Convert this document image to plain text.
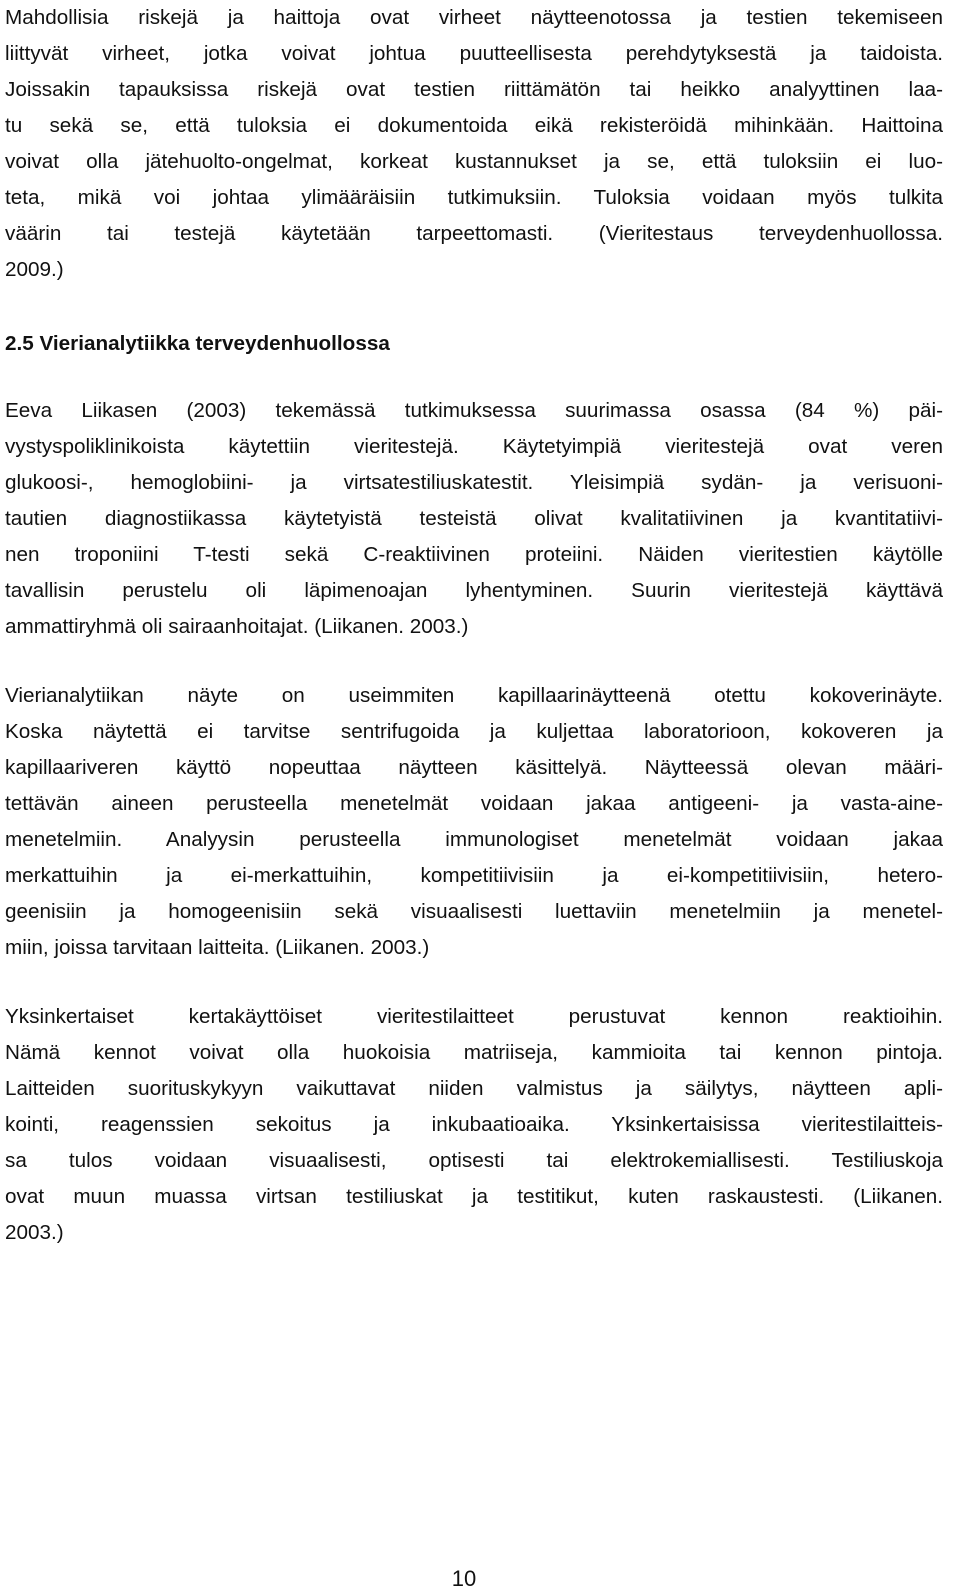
Mahdollisia riskejä ja haittoja ovat virheet näytteenotossa ja testien tekemiseen
liittyvät virheet, jotka voivat johtua puutteellisesta perehdytyksestä ja taidoista.
Joissakin tapauksissa riskejä ovat testien riittämätön tai heikko analyyttinen laa-
tu sekä se, että tuloksia ei dokumentoida eikä rekisteröidä mihinkään. Haittoina
voivat olla jätehuolto-ongelmat, korkeat kustannukset ja se, että tuloksiin ei luo-
teta, mikä voi johtaa ylimääräisiin tutkimuksiin. Tuloksia voidaan myös tulkita
väärin tai testejä käytetään tarpeettomasti. (Vieritestaus terveydenhuollossa.
2009.)
2.5 Vierianalytiikka terveydenhuollossa
Eeva Liikasen (2003) tekemässä tutkimuksessa suurimassa osassa (84 %) päi-
vystyspoliklinikoista käytettiin vieritestejä. Käytetyimpiä vieritestejä ovat veren
glukoosi-, hemoglobiini- ja virtsatestiliuskatestit. Yleisimpiä sydän- ja verisuoni-
tautien diagnostiikassa käytetyistä testeistä olivat kvalitatiivinen ja kvantitatiivi-
nen troponiini T-testi sekä C-reaktiivinen proteiini. Näiden vieritestien käytölle
tavallisin perustelu oli läpimenoajan lyhentyminen. Suurin vieritestejä käyttävä
ammattiryhmä oli sairaanhoitajat. (Liikanen. 2003.)
Vierianalytiikan näyte on useimmiten kapillaarinäytteenä otettu kokoverinäyte.
Koska näytettä ei tarvitse sentrifugoida ja kuljettaa laboratorioon, kokoveren ja
kapillaariveren käyttö nopeuttaa näytteen käsittelyä. Näytteessä olevan määri-
tettävän aineen perusteella menetelmät voidaan jakaa antigeeni- ja vasta-aine-
menetelmiin. Analyysin perusteella immunologiset menetelmät voidaan jakaa
merkattuihin ja ei-merkattuihin, kompetitiivisiin ja ei-kompetitiivisiin, hetero-
geenisiin ja homogeenisiin sekä visuaalisesti luettaviin menetelmiin ja menetel-
miin, joissa tarvitaan laitteita. (Liikanen. 2003.)
Yksinkertaiset kertakäyttöiset vieritestilaitteet perustuvat kennon reaktioihin.
Nämä kennot voivat olla huokoisia matriiseja, kammioita tai kennon pintoja.
Laitteiden suorituskykyyn vaikuttavat niiden valmistus ja säilytys, näytteen apli-
kointi, reagenssien sekoitus ja inkubaatioaika. Yksinkertaisissa vieritestilaitteis-
sa tulos voidaan visuaalisesti, optisesti tai elektrokemiallisesti. Testiliuskoja
ovat muun muassa virtsan testiliuskat ja testitikut, kuten raskaustesti. (Liikanen.
2003.)
10
